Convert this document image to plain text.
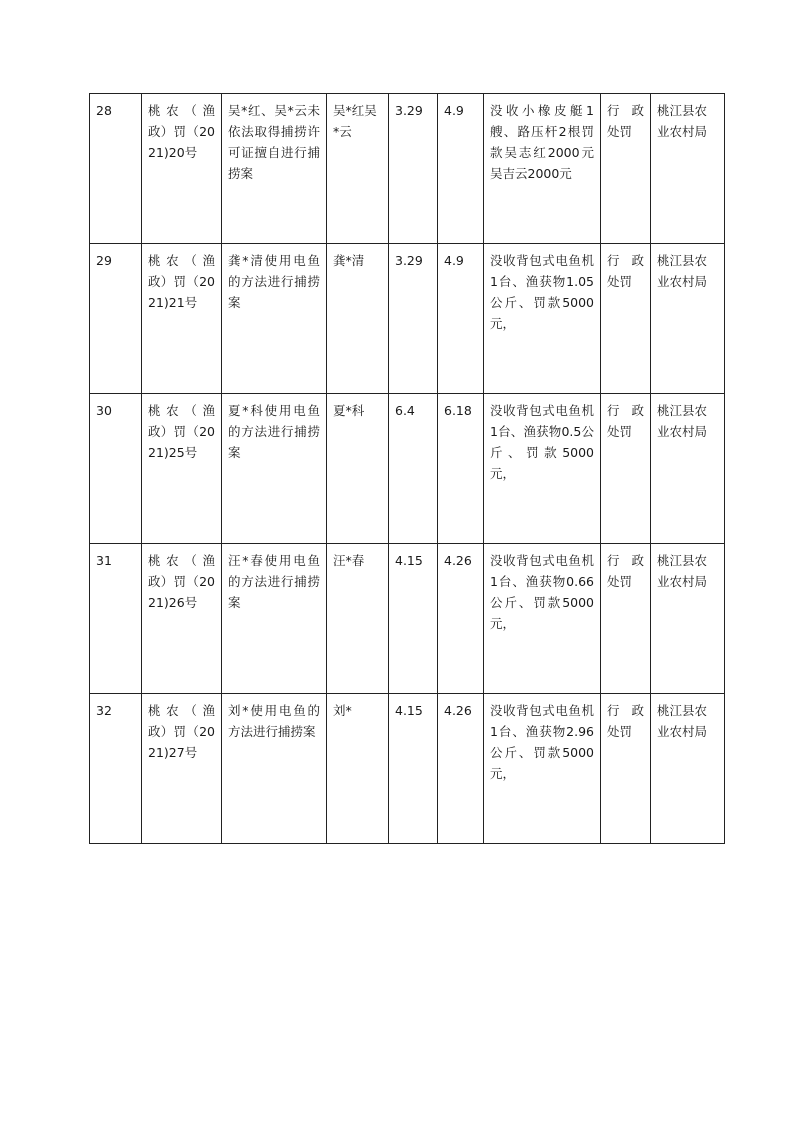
28	桃农（渔政）罚（2021)20号	吴*红、吴*云未依法取得捕捞许可证擅自进行捕捞案	吴*红吴*云	3.29	4.9	没收小橡皮艇1艘、路压杆2根罚款吴志红2000元吴吉云2000元	行政处罚	桃江县农业农村局
29	桃农（渔政）罚（2021)21号	龚*清使用电鱼的方法进行捕捞案	龚*清	3.29	4.9	没收背包式电鱼机1台、渔获物1.05公斤、罚款5000元，	行政处罚	桃江县农业农村局
30	桃农（渔政）罚（2021)25号	夏*科使用电鱼的方法进行捕捞案	夏*科	6.4	6.18	没收背包式电鱼机1台、渔获物0.5公斤、罚款5000元，	行政处罚	桃江县农业农村局
31	桃农（渔政）罚（2021)26号	汪*春使用电鱼的方法进行捕捞案	汪*春	4.15	4.26	没收背包式电鱼机1台、渔获物0.66公斤、罚款5000元，	行政处罚	桃江县农业农村局
32	桃农（渔政）罚（2021)27号	刘*使用电鱼的方法进行捕捞案	刘*	4.15	4.26	没收背包式电鱼机1台、渔获物2.96公斤、罚款5000元，	行政处罚	桃江县农业农村局
